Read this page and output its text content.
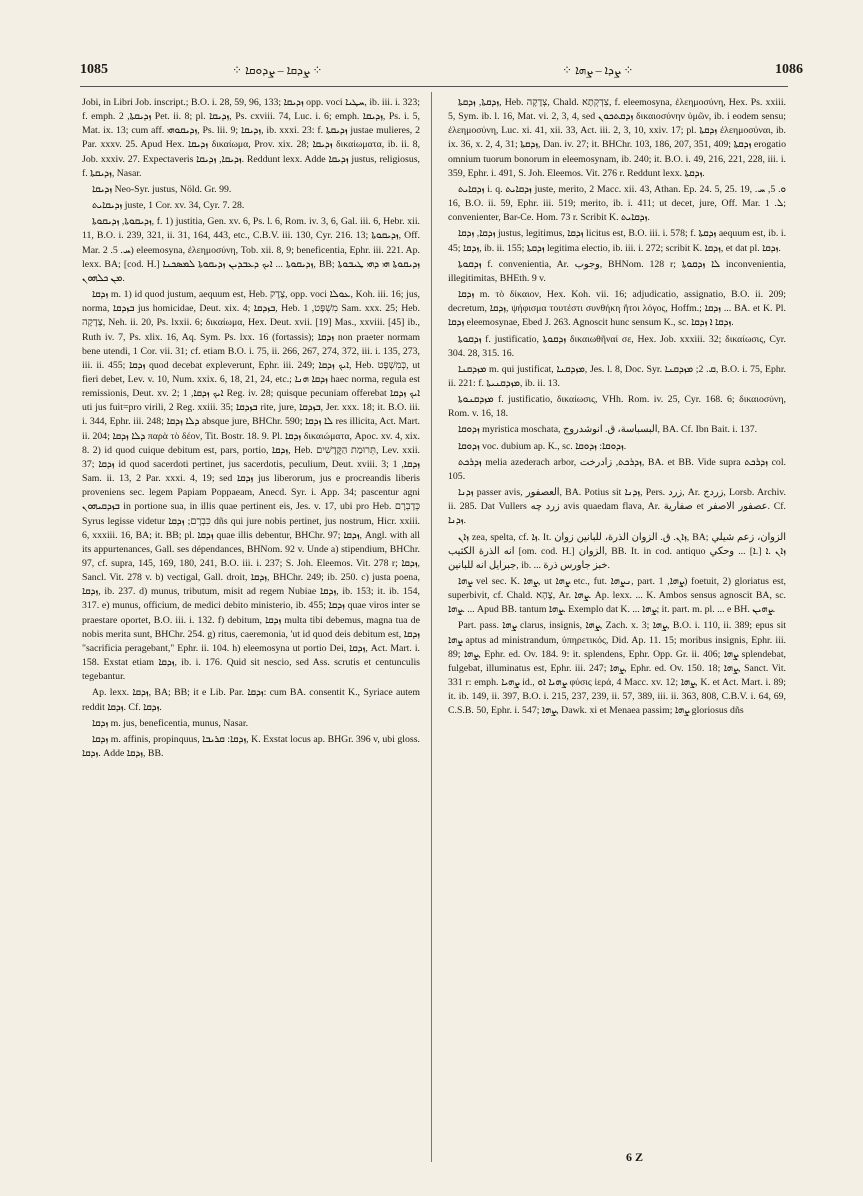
1085	⁘ ܨܕܩܐ – ܨܕܘܩܐ ⁘	⁘ ܨܕܐ – ܨܗܐ ⁘	1086

Jobi, in Libri Job. inscript.; B.O. i. 28, 59, 96, 133; ܙܕܝܩܐ opp. voci ܚܛܝܐ, ib. iii. i. 323; f. emph. ܙܕܝܩܬܐ, 2 Pet. ii. 8; pl. ܙܕܝܩܐ, Ps. cxviii. 74, Luc. i. 6; emph. ܙܕܝܩܐ, Ps. i. 5, Mat. ix. 13; cum aff. ܙܕܝܩܘܗܝ, Ps. lii. 9; ܙܕܝܩܐ, ib. xxxi. 23: f. ܙܕܝܩܬܐ justae mulieres, 2 Par. xxxv. 25. Apud Hex. ܙܕܝܩܐ δικαίωμα, Prov. xix. 28; ܙܕܝܩܐ δικαίωματα, ib. ii. 8, Job. xxxiv. 27. Expectaveris ܙܕܝܩܐ, ܙܕܝܩܐ. Reddunt lexx. Adde ܙܕܝܩܐ justus, religiosus, f. ܙܕܝܩܬܐ, Nasar.

ܙܕܝܩܐ Neo-Syr. justus, Nöld. Gr. 99.

ܙܕܝܩܐܝܬ juste, 1 Cor. xv. 34, Cyr. 7. 28.

ܙܕܝܩܘܬܐ, ܙܕܝܩܘܬܐ, f. 1) justitia, Gen. xv. 6, Ps. l. 6, Rom. iv. 3, 6, Gal. iii. 6, Hebr. xii. 11, B.O. i. 239, 321, ii. 31, 164, 443, etc., C.B.V. iii. 130, Cyr. 216. 13; ܙܕܝܩܘܬܐ, Off. Mar. ܚ. 5. 2) eleemosyna, ἐλεημοσύνη, Tob. xii. 8, 9; beneficentia, Ephr. iii. 221. Ap. lexx. BA; [cod. H.] ܙܕܝܩܘܬܐ ... ܐܝܟ ܕܥܒܕܝܢ ܙܕܝܩܘܬܐ ܠܡܣܟܢܐ, BB; ܙܕܝܩܘܬܐ ܗܝ ܕܗܝ ܛܝܒܘܬܐ ܡܢ ܟܠܗܘܢ.

ܙܕܩܐ m. 1) id quod justum, aequum est, Heb. צֶדֶק, opp. voci ܥܘܠܐ, Koh. iii. 16; jus, norma, ܒܙܕܩܐ jus homicidae, Deut. xix. 4; ܒܙܕܩܐ, Heb. מִשְׁפָּט, 1 Sam. xxx. 25; Heb. צְדָקָה, Neh. ii. 20, Ps. lxxii. 6; δικαίωμα, Hex. Deut. xvii. [19] Mas., xxviii. [45] ib., Ruth iv. 7, Ps. xlix. 16, Aq. Sym. Ps. lxx. 16 (fortassis); ܙܕܩܐ non praeter normam bene utendi, 1 Cor. vii. 31; cf. etiam B.O. i. 75, ii. 266, 267, 274, 372, iii. i. 135, 273, iii. ii. 455; ܙܕܩܐ quod decebat expleverunt, Ephr. iii. 249; ܐܝܟ ܙܕܩܐ, Heb. כְּמִשְׁפָּט, ut fieri debet, Lev. v. 10, Num. xxix. 6, 18, 21, 24, etc.; ܙܕܩܐ ܗܢܐ haec norma, regula est remissionis, Deut. xv. 2; ܐܝܟ ܙܕܩܐ, 1 Reg. iv. 28; quisque pecuniam offerebat ܐܝܟ ܙܕܩܐ uti jus fuit=pro virili, 2 Reg. xxiii. 35; ܒܙܕܩܐ rite, jure, ܒܙܕܩܐ, Jer. xxx. 18; it. B.O. iii. i. 344, Ephr. iii. 248; ܕܠܐ ܙܕܩܐ absque jure, BHChr. 590; ܠܐ ܙܕܩܐ res illicita, Act. Mart. ii. 204; ܕܠܐ ܙܕܩܐ παρὰ τὸ δέον, Tit. Bostr. 18. 9. Pl. ܙܕܩܐ δικαιώματα, Apoc. xv. 4, xix. 8. 2) id quod cuique debitum est, pars, portio, ܙܕܩܐ, Heb. תְּרוּמַת הַקֳּדָשִׁים, Lev. xxii. 37; ܙܕܩܐ id quod sacerdoti pertinet, jus sacerdotis, peculium, Deut. xviii. 3; ܙܕܩܐ, 1 Sam. ii. 13, 2 Par. xxxi. 4, 19; sed ܙܕܩܐ jus liberorum, jus e procreandis liberis proveniens sec. legem Papiam Poppaeam, Anecd. Syr. i. App. 34; pascentur agni ܒܙܕܩܝܗܘܢ in portione sua, in illis quae pertinent eis, Jes. v. 17, ubi pro Heb. כְּדָבְרָם Syrus legisse videtur כִּבְרָם; ܙܕܩܐ dñs qui jure nobis pertinet, jus nostrum, Hicr. xxiii. 6, xxxiii. 16, BA; it. BB; pl. ܙܕܩܐ quae illis debentur, BHChr. 97; ܙܕܩܐ, Angl. with all its appurtenances, Gall. ses dépendances, BHNom. 92 v. Unde a) stipendium, BHChr. 97, cf. supra, 145, 169, 180, 241, B.O. iii. i. 237; S. Joh. Eleemos. Vit. 278 r; ܙܕܩܐ, Sancl. Vit. 278 v. b) vectigal, Gall. droit, ܙܕܩܐ, BHChr. 249; ib. 250. c) justa poena, ܙܕܩܐ, ib. 237. d) munus, tributum, misit ad regem Nubiae ܙܕܩܐ, ib. 153; it. ib. 154, 317. e) munus, officium, de medici debito ministerio, ib. 455; ܙܕܩܐ quae viros inter se praestare oportet, B.O. iii. i. 132. f) debitum, ܙܕܩܐ multa tibi debemus, magna tua de nobis merita sunt, BHChr. 254. g) ritus, caeremonia, 'ut id quod deis debitum est, ܙܕܩܐ "sacrificia peragebant," Ephr. ii. 104. h) eleemosyna ut portio Dei, ܙܕܩܐ, Act. Mart. i. 158. Exstat etiam ܙܕܩܐ, ib. i. 176. Quid sit nescio, sed Ass. scrutis et centunculis tegebantur.

Ap. lexx. ܙܕܩܐ, BA; BB; it e Lib. Par. ܙܕܩܐ: cum BA. consentit K., Syriace autem reddit ܙܕܩܐ. Cf. ܙܕܩܐ.

ܙܕܩܐ m. jus, beneficentia, munus, Nasar.

ܙܕܩܐ m. affinis, propinquus, ܙܕܩܐ: ܩܪܝܒܐ, K. Exstat locus ap. BHGr. 396 v, ubi gloss. ܙܕܩܐ. Adde ܙܕܩܐ, BB.

ܙܕܩܬܐ, ܙܕܩܬܐ, Heb. צְדָקָה, Chald. צִדְקְתָא, f. eleemosyna, ἐλεημοσύνη, Hex. Ps. xxiii. 5, Sym. ib. l. 16, Mat. vi. 2, 3, 4, sed ܙܕܩܬܟܘܢ δικαιοσύνην ὑμῶν, ib. i eodem sensu; ἐλεημοσύνη, Luc. xi. 41, xii. 33, Act. iii. 2, 3, 10, xxiv. 17; pl. ܙܕܩܬܐ ἐλεημοσύναι, ib. ix. 36, x. 2, 4, 31; ܙܕܩܬܐ, Dan. iv. 27; it. BHChr. 103, 186, 207, 351, 409; ܙܕܩܬܐ erogatio omnium tuorum bonorum in eleemosynam, ib. 240; it. B.O. i. 49, 216, 221, 228, iii. i. 359, Ephr. i. 491, S. Joh. Eleemos. Vit. 276 r. Reddunt lexx. ܙܕܩܬܐ.

ܙܕܩܐܝܬ i. q. ܙܕܩܐܝܬ juste, merito, 2 Macc. xii. 43, Athan. Ep. 24. 5, 25. 19, ܘ. 5, ܚ. 16, B.O. ii. 59, Ephr. iii. 519; merito, ib. i. 411; ut decet, jure, Off. Mar. ܠ. 1; convenienter, Bar-Ce. Hom. 73 r. Scribit K. ܙܕܩܐܝܬ.

ܙܕܩܐ, ܙܕܩܐ justus, legitimus, ܙܕܩܐ licitus est, B.O. iii. i. 578; f. ܙܕܩܬܐ aequum est, ib. i. 45; ܙܕܩܐ, ib. ii. 155; ܙܕܩܬܐ legitima electio, ib. iii. i. 272; scribit K. ܙܕܩܐ, et dat pl. ܙܕܩܐ.

ܙܕܩܘܬܐ f. convenientia, Ar. وجوب, BHNom. 128 r; ܠܐ ܙܕܩܘܬܐ inconvenientia, illegitimitas, BHEth. 9 v.

ܙܕܩܐ m. τὸ δίκαιον, Hex. Koh. vii. 16; adjudicatio, assignatio, B.O. ii. 209; decretum, ܙܕܩܐ, ψήφισμα τουτέστι συνθήκη ἤτοι λόγος, Hoffm.; ܙܕܩܐ ... BA. et K. Pl. ܙܕܩܐ eleemosynae, Ebed J. 263. Agnoscit hunc sensum K., sc. ܙܕܩܐ ܐ ܙܕܩܐ.

ܙܕܩܘܬܐ f. justificatio, ܙܕܩܘܬܐ δικαιωθῆναί σε, Hex. Job. xxxiii. 32; δικαίωσις, Cyr. 304. 28, 315. 16.

ܡܙܕܩܢܐ m. qui justificat, ܡܙܕܩܢܐ, Jes. l. 8, Doc. Syr. ܩ. 2; ܡܙܕܩܢܐ, B.O. i. 75, Ephr. ii. 221: f. ܡܙܕܩܢܝܬܐ, ib. ii. 13.

ܡܙܕܩܢܘܬܐ f. justificatio, δικαίωσις, VHh. Rom. iv. 25, Cyr. 168. 6; δικαιοσύνη, Rom. v. 16, 18.

ܙܕܘܩܐ myristica moschata, البسباسة، ق. انوشدروج, BA. Cf. Ibn Bait. i. 137.

ܙܕܘܩܐ voc. dubium ap. K., sc. ܙܕܘܩܐ: ܙܕܘܩܐ.

ܙܕܪܟܬ melia azederach arbor, ܙܕܪܟܬ, زادرخت, BA. et BB. Vide supra ܙܕܪܟܬ col. 105.

ܙܕܢܐ passer avis, العصفور, BA. Potius sit ܙܕܢܐ, Pers. زرد, Ar. زردج, Lorsb. Archiv. ii. 285. Dat Vullers زرد چه avis quaedam flava, Ar. صفارية et عصفور الاصفر. Cf. ܙܕܢܐ.

ܙܐܢ zea, spelta, cf. ܙܐ. It. ܙܐܢ. ق. الزوان الذرة، للبانين زوان, BA; الزوان، زعم شيلي انه الذرة الكثيب [om. cod. H.] الزوان, BB. It. in cod. antiquo ܙܐܢ .ܐ [.ܐ] ... وحكي جبرايل انه للبانين, ib. ... خبز جاورس ذرة.

ܨܗܐ vel sec. K. ܨܗܐ, ut ܨܗܐ etc., fut. ܢܨܗܐ, part. ܨܗܐ, 1) foetuit, 2) gloriatus est, superbivit, cf. Chald. צָהָא, Ar. ܨܗܐ. Ap. lexx. ... K. Ambos sensus agnoscit BA, sc. ܨܗܐ. ... Apud BB. tantum ܨܗܐ. Exemplo dat K. ... ܨܗܐ; it. part. m. pl. ... e BH. ܨܗܝܢ.

Part. pass. ܨܗܐ clarus, insignis, ܨܗܐ, Zach. x. 3; ܨܗܐ, B.O. i. 110, ii. 389; epus sit ܨܗܐ aptus ad ministrandum, ὑπηρετικός, Did. Ap. 11. 15; moribus insignis, Ephr. iii. 89; ܨܗܐ, Ephr. ed. Ov. 184. 9: it. splendens, Ephr. Opp. Gr. ii. 406; ܨܗܐ splendebat, fulgebat, illuminatus est, Ephr. iii. 247; ܨܗܐ, Ephr. ed. Ov. 150. 18; ܨܗܐ, Sanct. Vit. 331 r: emph. ܨܗܝܐ id., ܨܗܝܐ ܐܘ φύσις ἱερά, 4 Macc. xv. 12; ܨܗܐ, K. et Act. Mart. i. 89; it. ib. 149, ii. 397, B.O. i. 215, 237, 239, ii. 57, 389, iii. ii. 363, 808, C.B.V. i. 64, 69, C.S.B. 50, Ephr. i. 547; ܨܗܐ, Dawk. xi et Menaea passim; ܨܗܐ gloriosus dñs

6 Z
